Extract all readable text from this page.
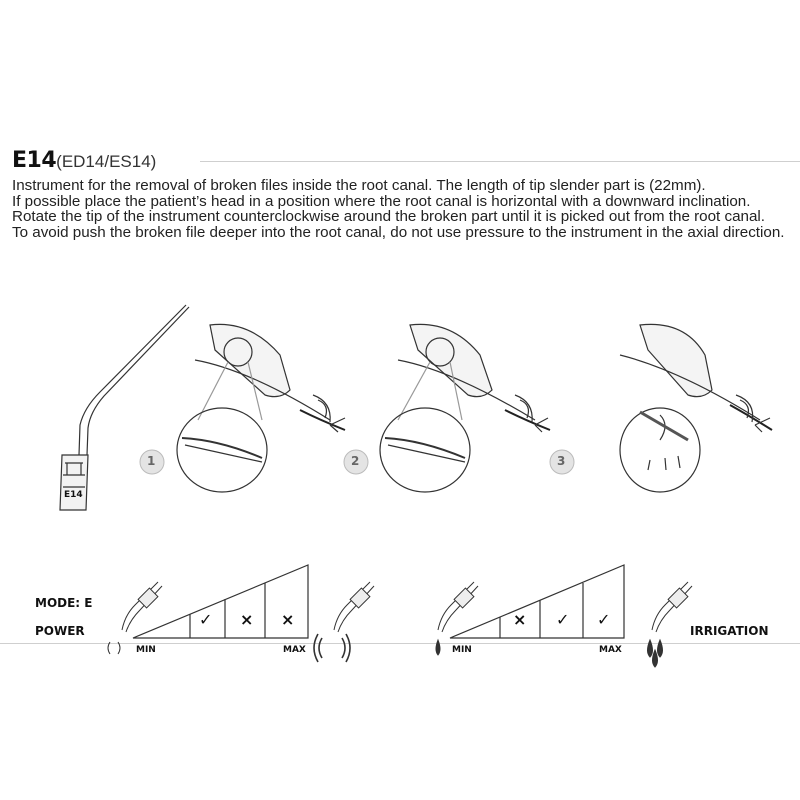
E14(ED14/ES14)

Instrument for the removal of broken files inside the root canal. The length of tip slender part is (22mm).

If possible place the patient’s head in a position where the root canal is horizontal with a downward inclination. Rotate the tip of the instrument counterclockwise around the broken part until it is picked out from the root canal.

To avoid push the broken file deeper into the root canal, do not use pressure to the instrument in the axial direction.

E14
1	2	3
MODE: E
POWER	IRRIGATION
MIN	MAX
✓ × ×
MIN	MAX
× ✓ ✓
